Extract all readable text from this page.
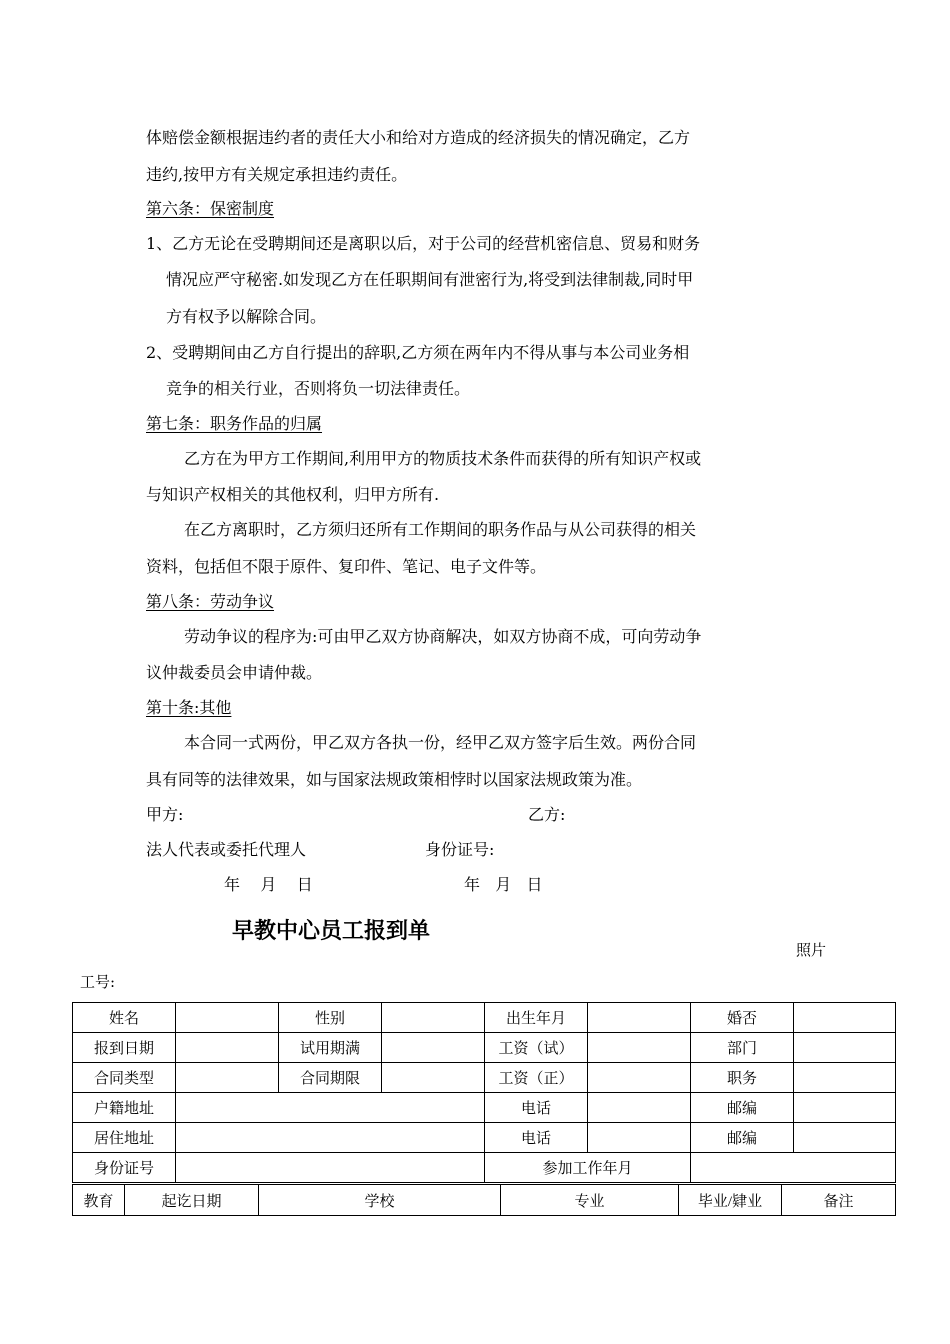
体赔偿金额根据违约者的责任大小和给对方造成的经济损失的情况确定，乙方
违约,按甲方有关规定承担违约责任。
第六条：保密制度
1、乙方无论在受聘期间还是离职以后，对于公司的经营机密信息、贸易和财务
情况应严守秘密.如发现乙方在任职期间有泄密行为,将受到法律制裁,同时甲
方有权予以解除合同。
2、受聘期间由乙方自行提出的辞职,乙方须在两年内不得从事与本公司业务相
竞争的相关行业，否则将负一切法律责任。
第七条：职务作品的归属
乙方在为甲方工作期间,利用甲方的物质技术条件而获得的所有知识产权或
与知识产权相关的其他权利，归甲方所有.
在乙方离职时，乙方须归还所有工作期间的职务作品与从公司获得的相关
资料，包括但不限于原件、复印件、笔记、电子文件等。
第八条：劳动争议
劳动争议的程序为:可由甲乙双方协商解决，如双方协商不成，可向劳动争
议仲裁委员会申请仲裁。
第十条:其他
本合同一式两份，甲乙双方各执一份，经甲乙双方签字后生效。两份合同
具有同等的法律效果，如与国家法规政策相悖时以国家法规政策为准。
甲方:	乙方:
法人代表或委托代理人	身份证号:
年    月    日	年   月   日
早教中心员工报到单
照片
工号:
姓名		性别		出生年月		婚否	
报到日期		试用期满		工资（试）		部门	
合同类型		合同期限		工资（正）		职务	
户籍地址				电话		邮编	
居住地址				电话		邮编	
身份证号				参加工作年月			
教育	起讫日期	学校	专业	毕业/肄业	备注
